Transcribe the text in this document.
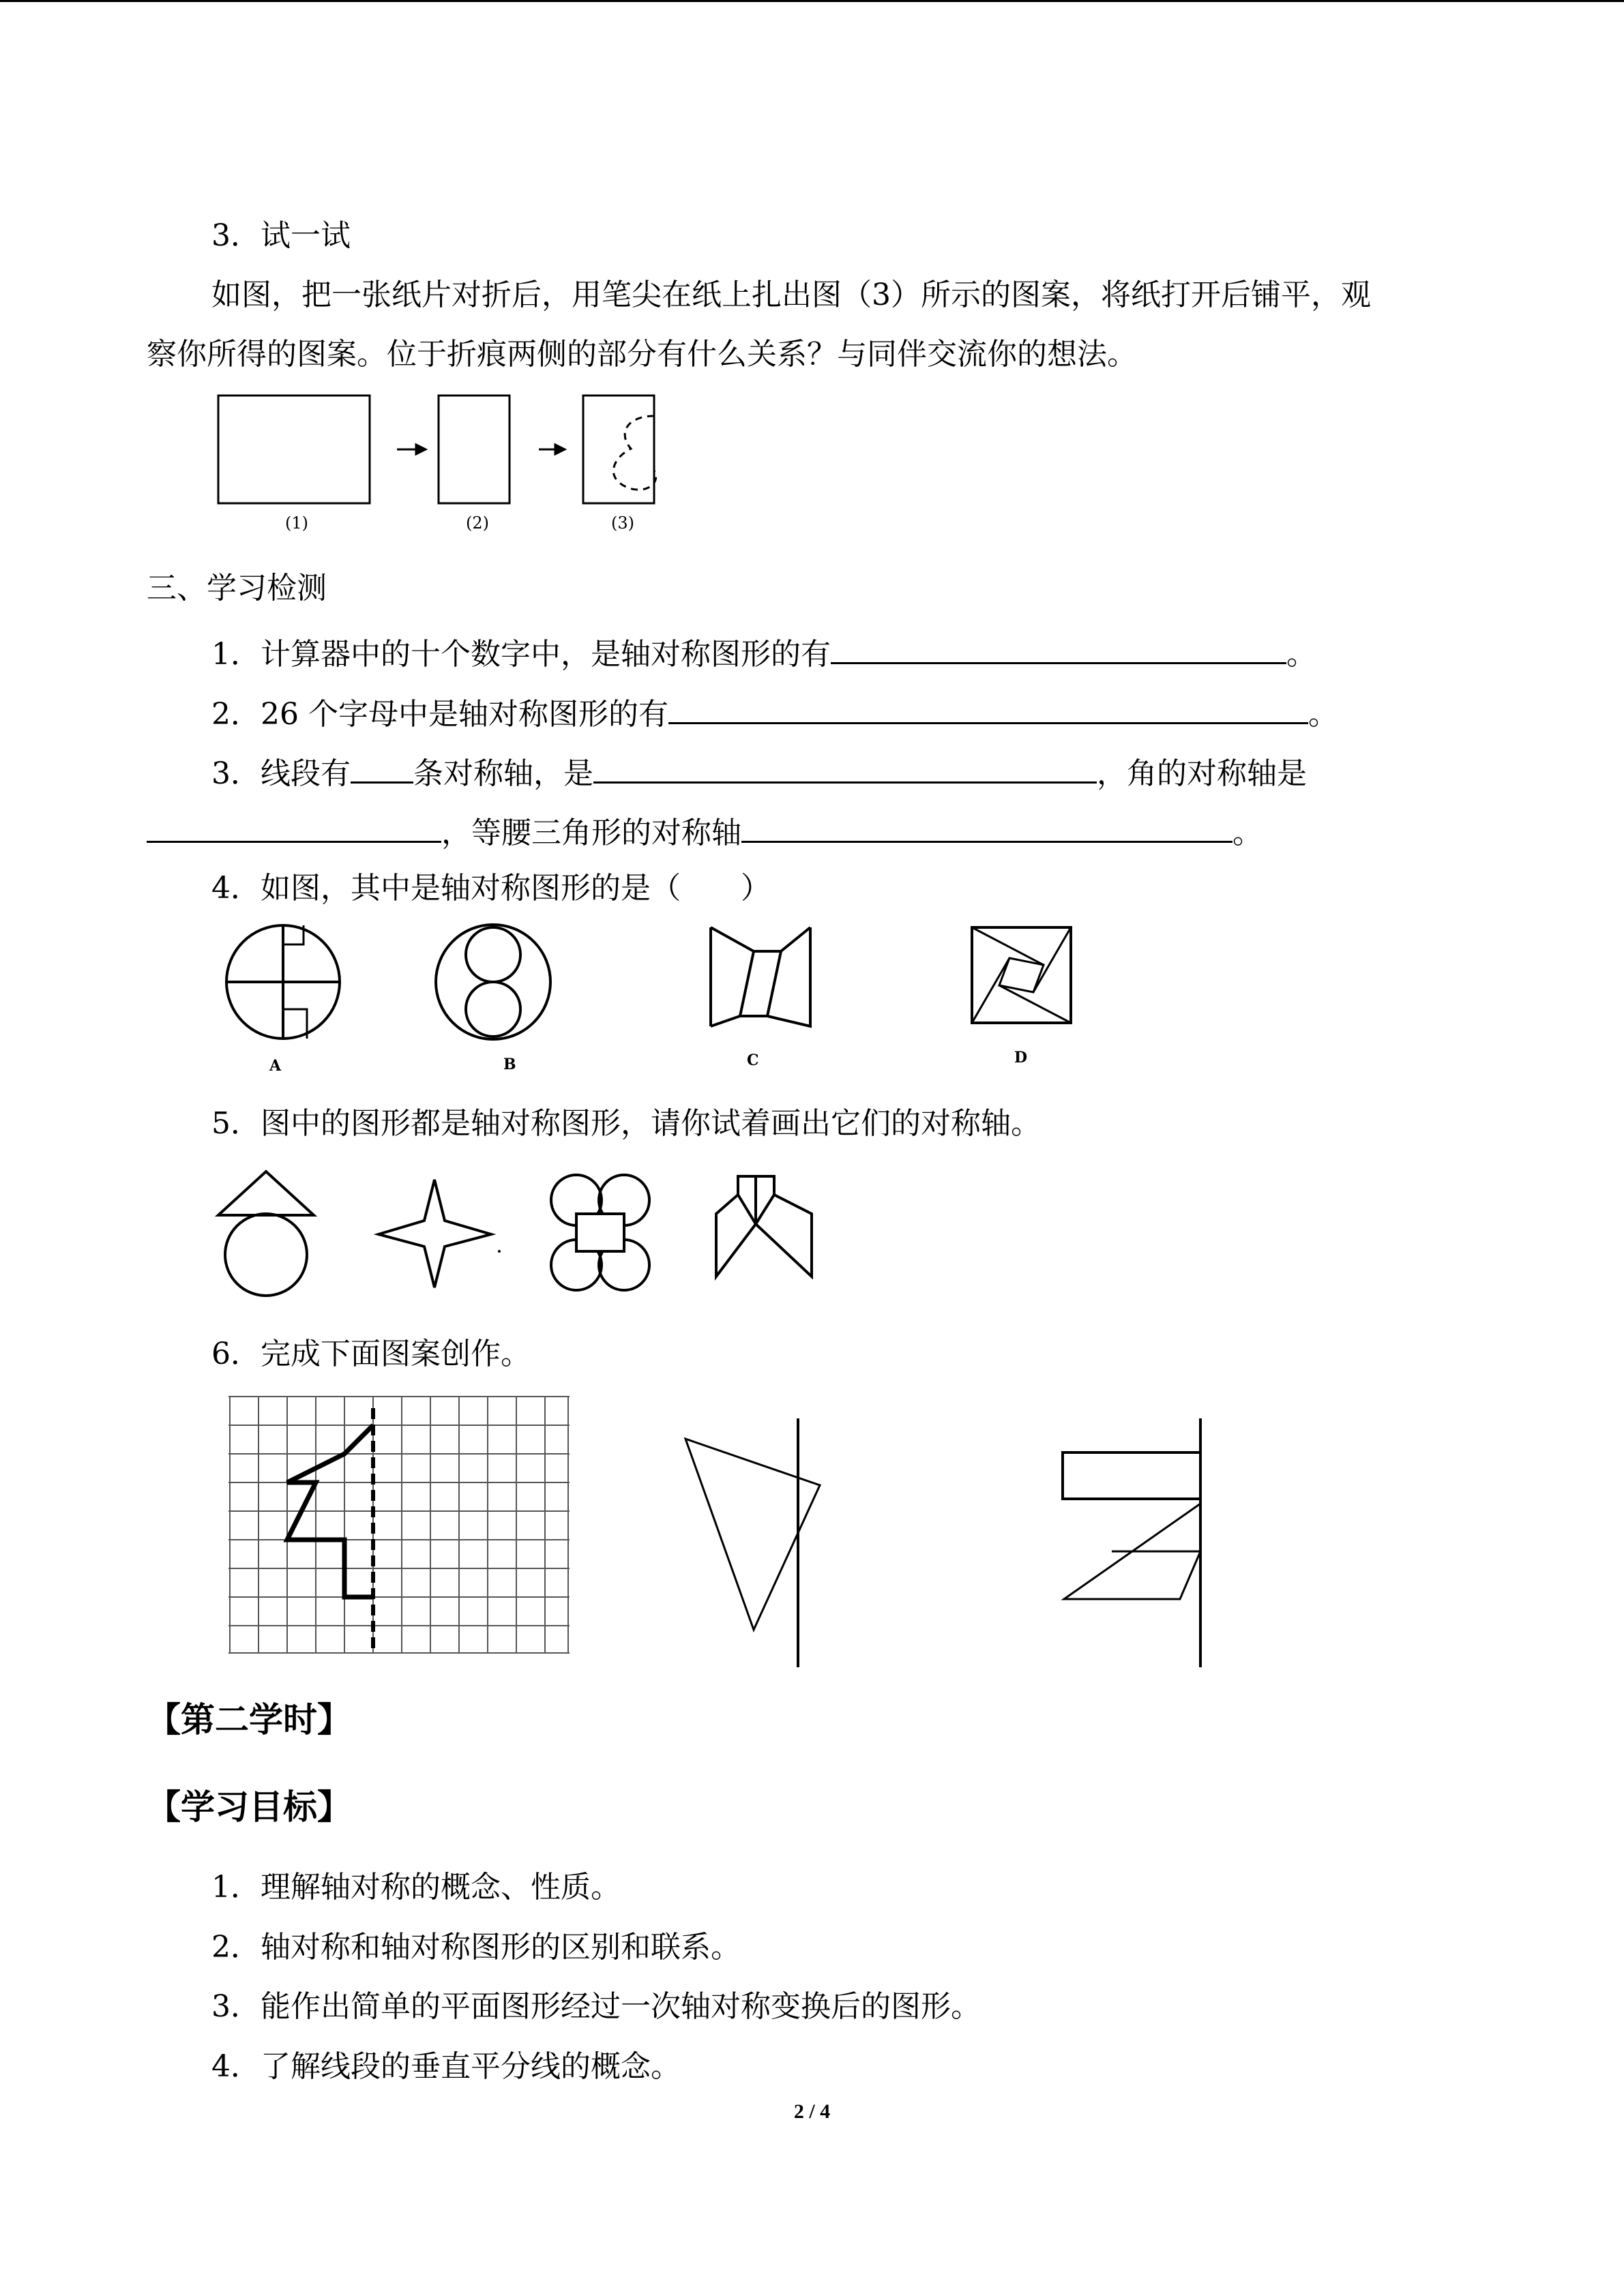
3．试一试
如图，把一张纸片对折后，用笔尖在纸上扎出图（3）所示的图案，将纸打开后铺平，观
察你所得的图案。位于折痕两侧的部分有什么关系？与同伴交流你的想法。
(1)	(2)	(3)
三、学习检测
1．计算器中的十个数字中，是轴对称图形的有	。
2．26 个字母中是轴对称图形的有	。
3．线段有 条对称轴，是	，角的对称轴是
，等腰三角形的对称轴	。
4．如图，其中是轴对称图形的是（　　）
A	B	C	D
5．图中的图形都是轴对称图形，请你试着画出它们的对称轴。
6．完成下面图案创作。
【第二学时】
【学习目标】
1．理解轴对称的概念、性质。
2．轴对称和轴对称图形的区别和联系。
3．能作出简单的平面图形经过一次轴对称变换后的图形。
4．了解线段的垂直平分线的概念。
2 / 4
